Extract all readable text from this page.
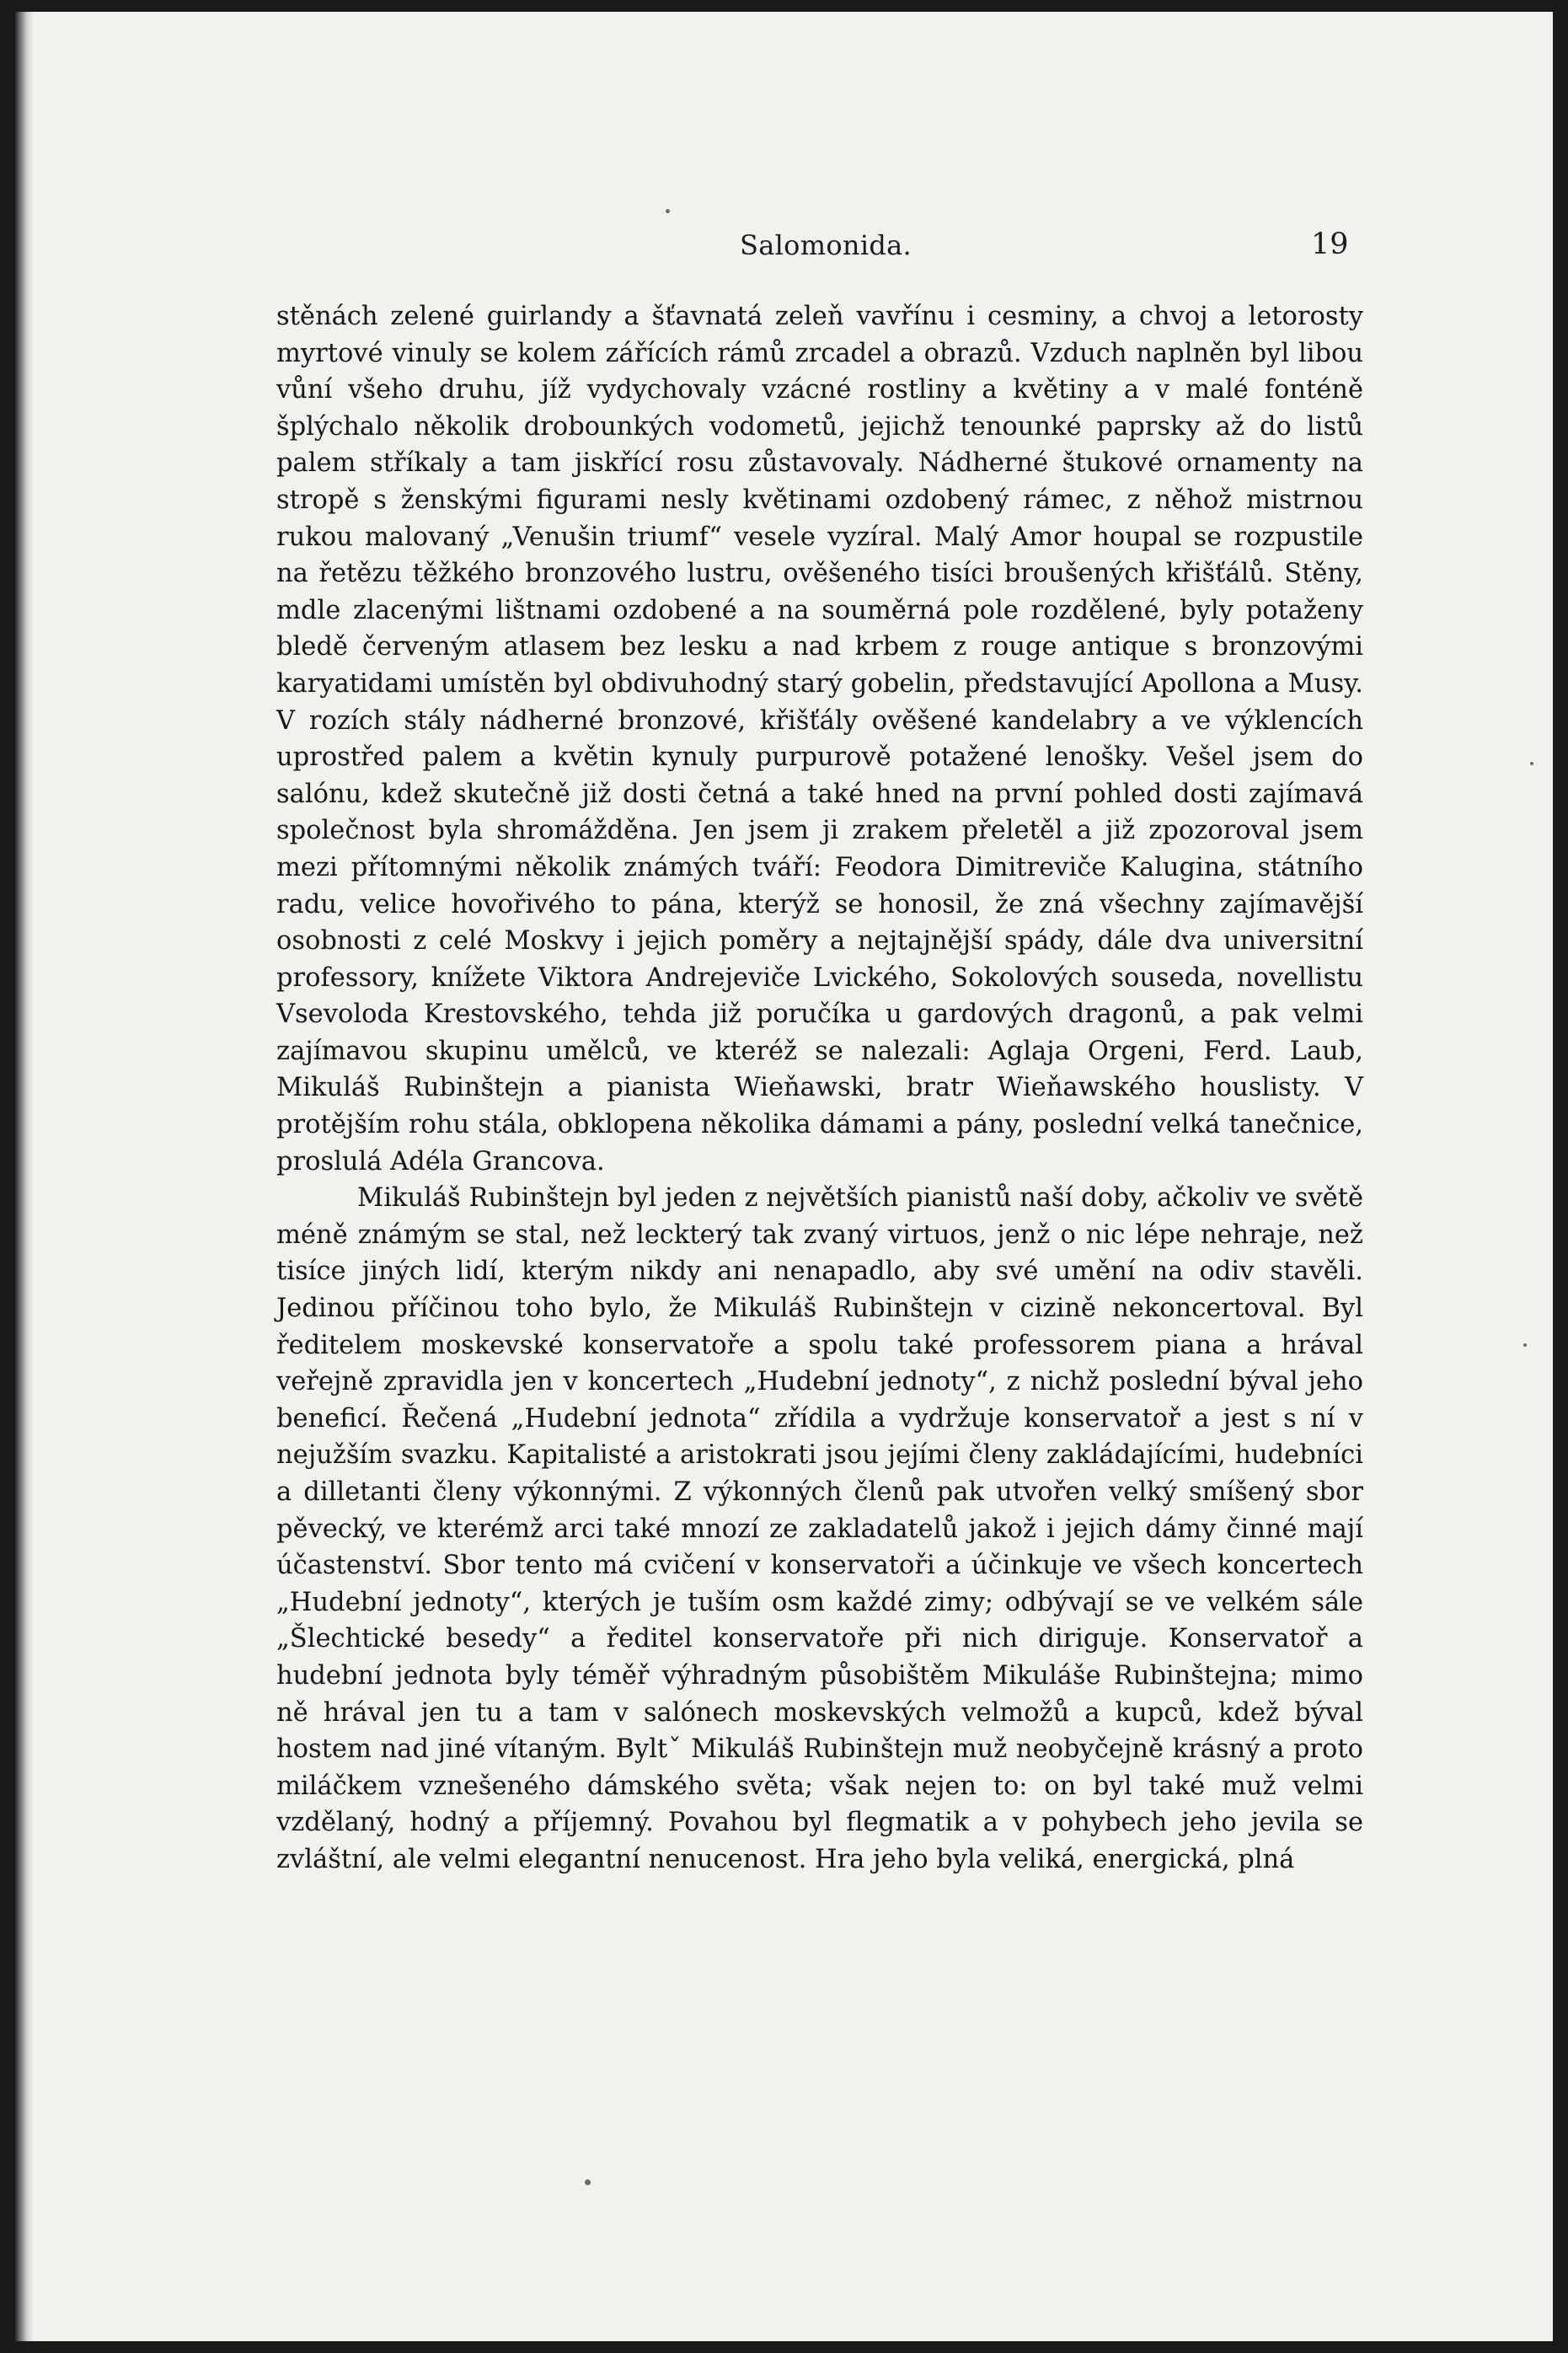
Salomonida.	19

stěnách zelené guirlandy a šťavnatá zeleň vavřínu i cesminy, a chvoj a letorosty myrtové vinuly se kolem zářících rámů zrcadel a obrazů. Vzduch naplněn byl libou vůní všeho druhu, jíž vydychovaly vzácné rostliny a květiny a v malé fonténě šplýchalo několik drobounkých vodometů, jejichž tenounké paprsky až do listů palem stříkaly a tam jiskřící rosu zůstavovaly. Nádherné štukové ornamenty na stropě s ženskými figurami nesly květinami ozdobený rámec, z něhož mistrnou rukou malovaný „Venušin triumf“ vesele vyzíral. Malý Amor houpal se rozpustile na řetězu těžkého bronzového lustru, ověšeného tisíci broušených křišťálů. Stěny, mdle zlacenými lištnami ozdobené a na souměrná pole rozdělené, byly potaženy bledě červeným atlasem bez lesku a nad krbem z rouge antique s bronzovými karyatidami umístěn byl obdivuhodný starý gobelin, představující Apollona a Musy. V rozích stály nádherné bronzové, křišťály ověšené kandelabry a ve výklencích uprostřed palem a květin kynuly purpurově potažené lenošky. Vešel jsem do salónu, kdež skutečně již dosti četná a také hned na první pohled dosti zajímavá společnost byla shromážděna. Jen jsem ji zrakem přeletěl a již zpozoroval jsem mezi přítomnými několik známých tváří: Feodora Dimitreviče Kalugina, státního radu, velice hovořivého to pána, kterýž se honosil, že zná všechny zajímavější osobnosti z celé Moskvy i jejich poměry a nejtajnější spády, dále dva universitní professory, knížete Viktora Andrejeviče Lvického, Sokolových souseda, novellistu Vsevoloda Krestovského, tehda již poručíka u gardových dragonů, a pak velmi zajímavou skupinu umělců, ve kteréž se nalezali: Aglaja Orgeni, Ferd. Laub, Mikuláš Rubinštejn a pianista Wieňawski, bratr Wieňawského houslisty. V protějším rohu stála, obklopena několika dámami a pány, poslední velká tanečnice, proslulá Adéla Grancova.

Mikuláš Rubinštejn byl jeden z největších pianistů naší doby, ačkoliv ve světě méně známým se stal, než leckterý tak zvaný virtuos, jenž o nic lépe nehraje, než tisíce jiných lidí, kterým nikdy ani nenapadlo, aby své umění na odiv stavěli. Jedinou příčinou toho bylo, že Mikuláš Rubinštejn v cizině nekoncertoval. Byl ředitelem moskevské konservatoře a spolu také professorem piana a hrával veřejně zpravidla jen v koncertech „Hudební jednoty“, z nichž poslední býval jeho beneficí. Řečená „Hudební jednota“ zřídila a vydržuje konservatoř a jest s ní v nejužším svazku. Kapitalisté a aristokrati jsou jejími členy zakládajícími, hudebníci a dilletanti členy výkonnými. Z výkonných členů pak utvořen velký smíšený sbor pěvecký, ve kterémž arci také mnozí ze zakladatelů jakož i jejich dámy činné mají účastenství. Sbor tento má cvičení v konservatoři a účinkuje ve všech koncertech „Hudební jednoty“, kterých je tuším osm každé zimy; odbývají se ve velkém sále „Šlechtické besedy“ a ředitel konservatoře při nich diriguje. Konservatoř a hudební jednota byly téměř výhradným působištěm Mikuláše Rubinštejna; mimo ně hrával jen tu a tam v salónech moskevských velmožů a kupců, kdež býval hostem nad jiné vítaným. Byltˇ Mikuláš Rubinštejn muž neobyčejně krásný a proto miláčkem vznešeného dámského světa; však nejen to: on byl také muž velmi vzdělaný, hodný a příjemný. Povahou byl flegmatik a v pohybech jeho jevila se zvláštní, ale velmi elegantní nenucenost. Hra jeho byla veliká, energická, plná
